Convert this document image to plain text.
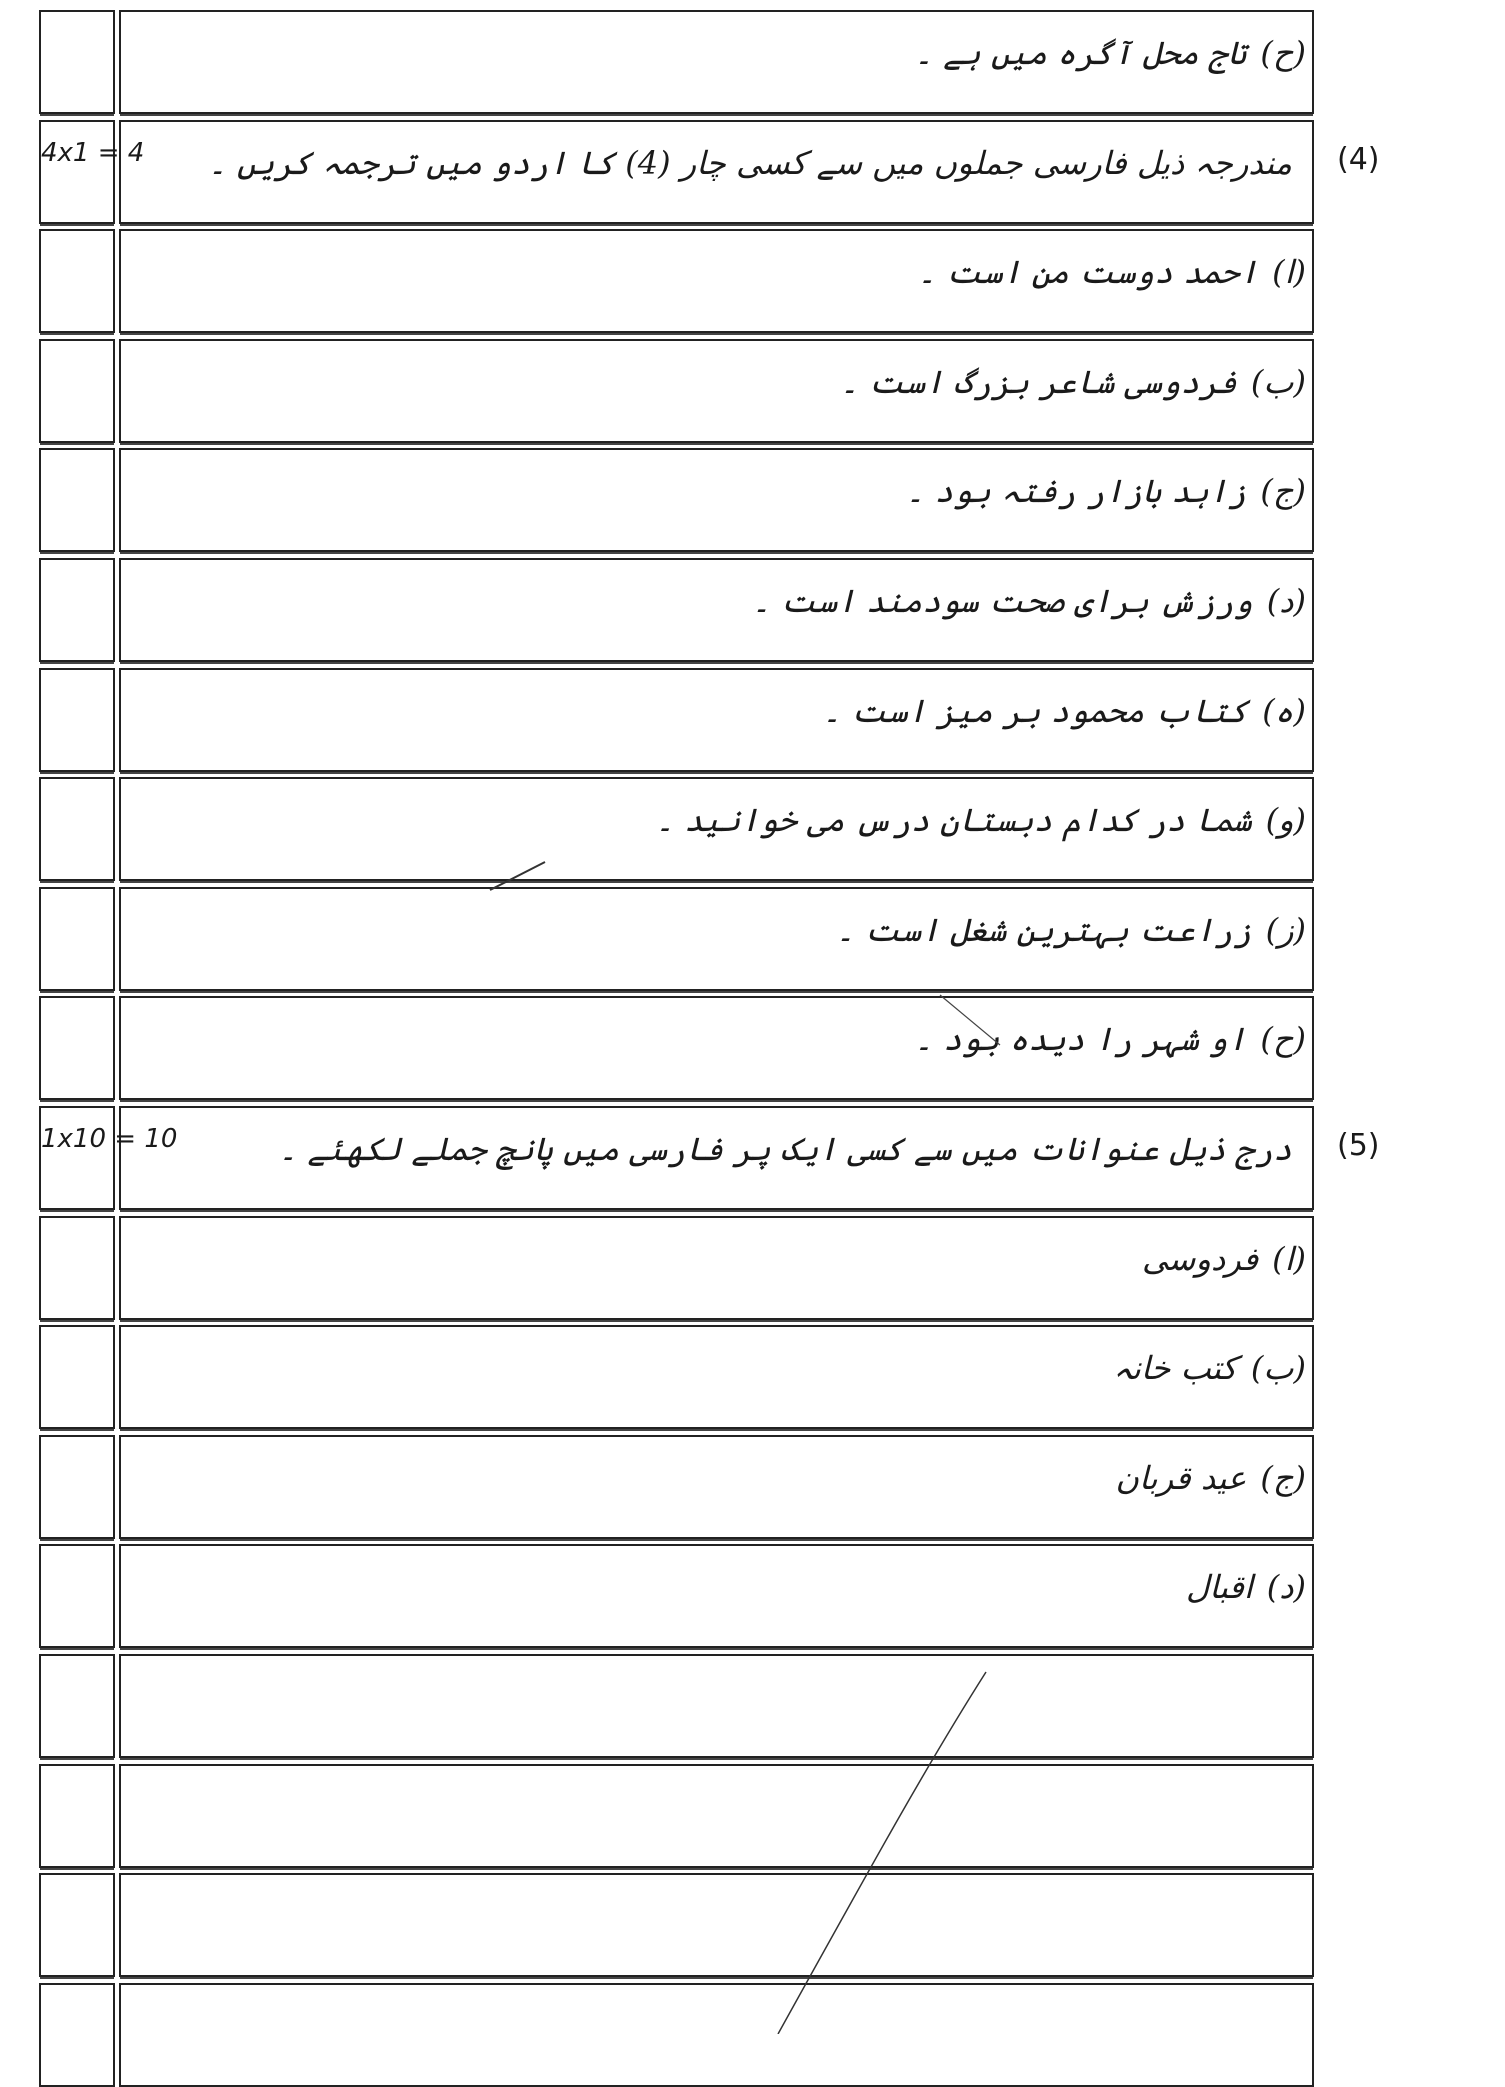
(ح)تاج محل آگرہ میں ہے ۔
مندرجہ ذیل فارسی جملوں میں سے کسی چار (4) کا اردو میں ترجمہ کریں ۔
4x1 = 4	(4)
(ا)احمد دوست من است ۔
(ب)فردوسی شاعر بزرگ است ۔
(ج)زاہد بازار رفتہ بود ۔
(د)ورزش برای صحت سودمند است ۔
(ہ)کتاب محمود بر میز است ۔
(و)شما در کدام دبستان درس می خوانید ۔
(ز)زراعت بہترین شغل است ۔
(ح)او شہر را دیدہ بود ۔
درج ذیل عنوانات میں سے کسی ایک پر فارسی میں پانچ جملے لکھئے ۔
1x10 = 10	(5)
(ا)فردوسی
(ب)کتب خانہ
(ج)عید قربان
(د)اقبال
